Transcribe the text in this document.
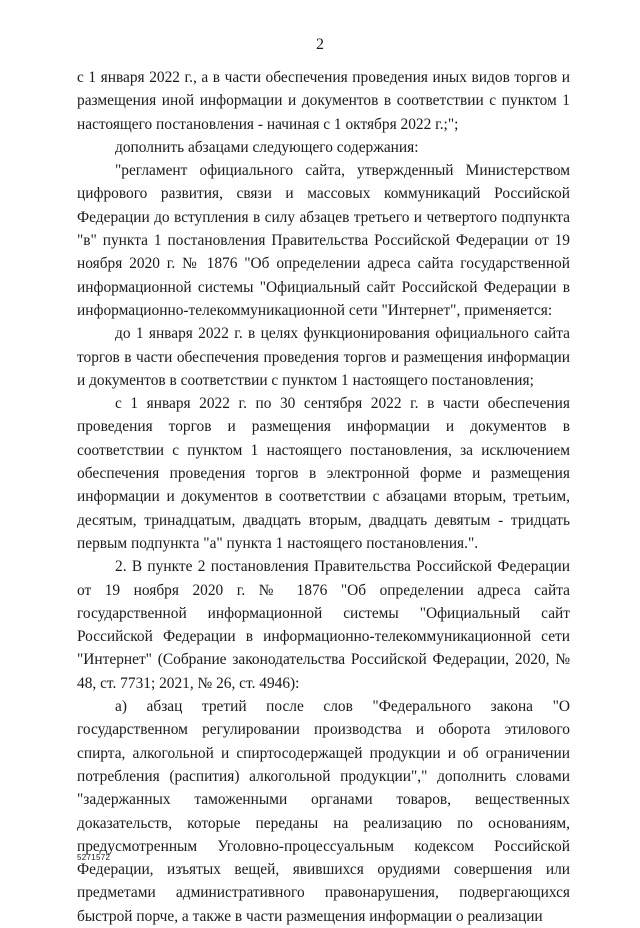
2

с 1 января 2022 г., а в части обеспечения проведения иных видов торгов и размещения иной информации и документов в соответствии с пунктом 1 настоящего постановления - начиная с 1 октября 2022 г.;";

дополнить абзацами следующего содержания:

"регламент официального сайта, утвержденный Министерством цифрового развития, связи и массовых коммуникаций Российской Федерации до вступления в силу абзацев третьего и четвертого подпункта "в" пункта 1 постановления Правительства Российской Федерации от 19 ноября 2020 г. № 1876 "Об определении адреса сайта государственной информационной системы "Официальный сайт Российской Федерации в информационно-телекоммуникационной сети "Интернет", применяется:

до 1 января 2022 г. в целях функционирования официального сайта торгов в части обеспечения проведения торгов и размещения информации и документов в соответствии с пунктом 1 настоящего постановления;

с 1 января 2022 г. по 30 сентября 2022 г. в части обеспечения проведения торгов и размещения информации и документов в соответствии с пунктом 1 настоящего постановления, за исключением обеспечения проведения торгов в электронной форме и размещения информации и документов в соответствии с абзацами вторым, третьим, десятым, тринадцатым, двадцать вторым, двадцать девятым - тридцать первым подпункта "а" пункта 1 настоящего постановления.".

2. В пункте 2 постановления Правительства Российской Федерации от 19 ноября 2020 г. № 1876 "Об определении адреса сайта государственной информационной системы "Официальный сайт Российской Федерации в информационно-телекоммуникационной сети "Интернет" (Собрание законодательства Российской Федерации, 2020, № 48, ст. 7731; 2021, № 26, ст. 4946):

а) абзац третий после слов "Федерального закона "О государственном регулировании производства и оборота этилового спирта, алкогольной и спиртосодержащей продукции и об ограничении потребления (распития) алкогольной продукции"," дополнить словами "задержанных таможенными органами товаров, вещественных доказательств, которые переданы на реализацию по основаниям, предусмотренным Уголовно-процессуальным кодексом Российской Федерации, изъятых вещей, явившихся орудиями совершения или предметами административного правонарушения, подвергающихся быстрой порче, а также в части размещения информации о реализации

5271572
